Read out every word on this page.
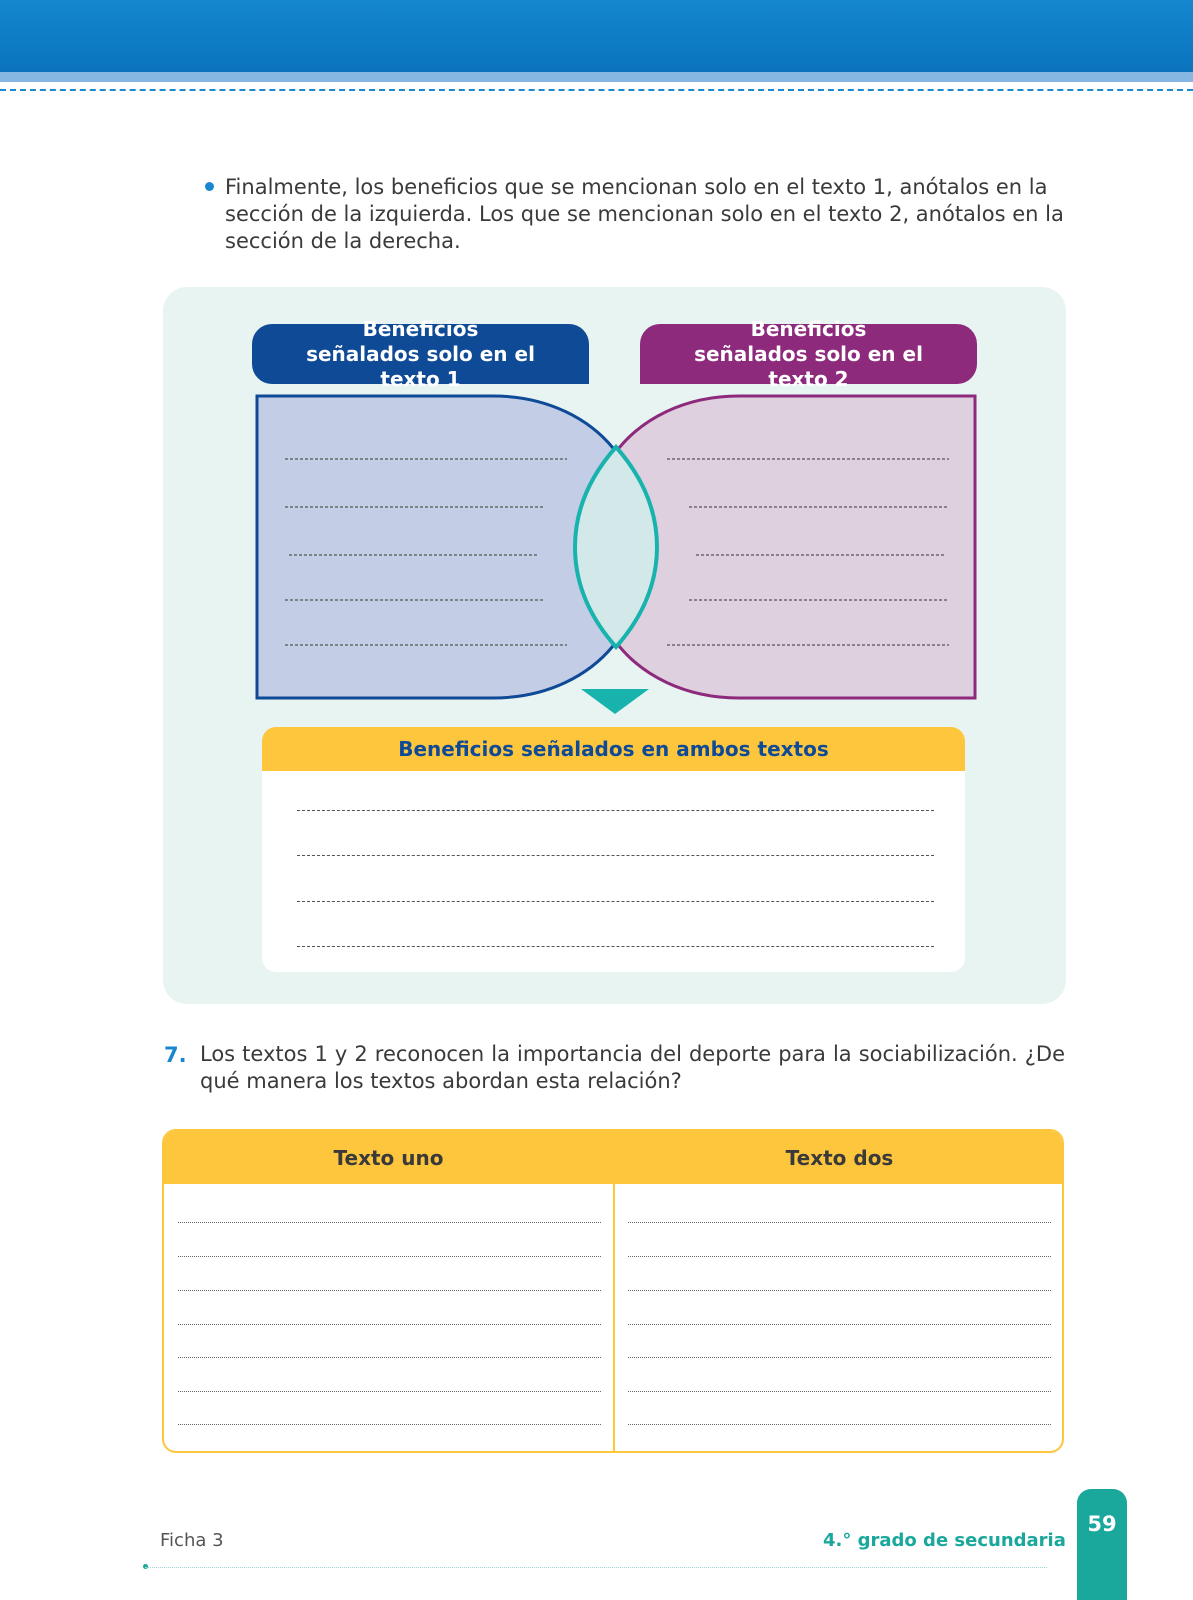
Finalmente, los beneficios que se mencionan solo en el texto 1, anótalos en la sección de la izquierda. Los que se mencionan solo en el texto 2, anótalos en la sección de la derecha.

Beneficios señalados solo en el texto 1
Beneficios señalados solo en el texto 2
Beneficios señalados en ambos textos
7. Los textos 1 y 2 reconocen la importancia del deporte para la sociabilización. ¿De qué manera los textos abordan esta relación?

Texto uno	Texto dos
Ficha 3	4.° grado de secundaria
59
